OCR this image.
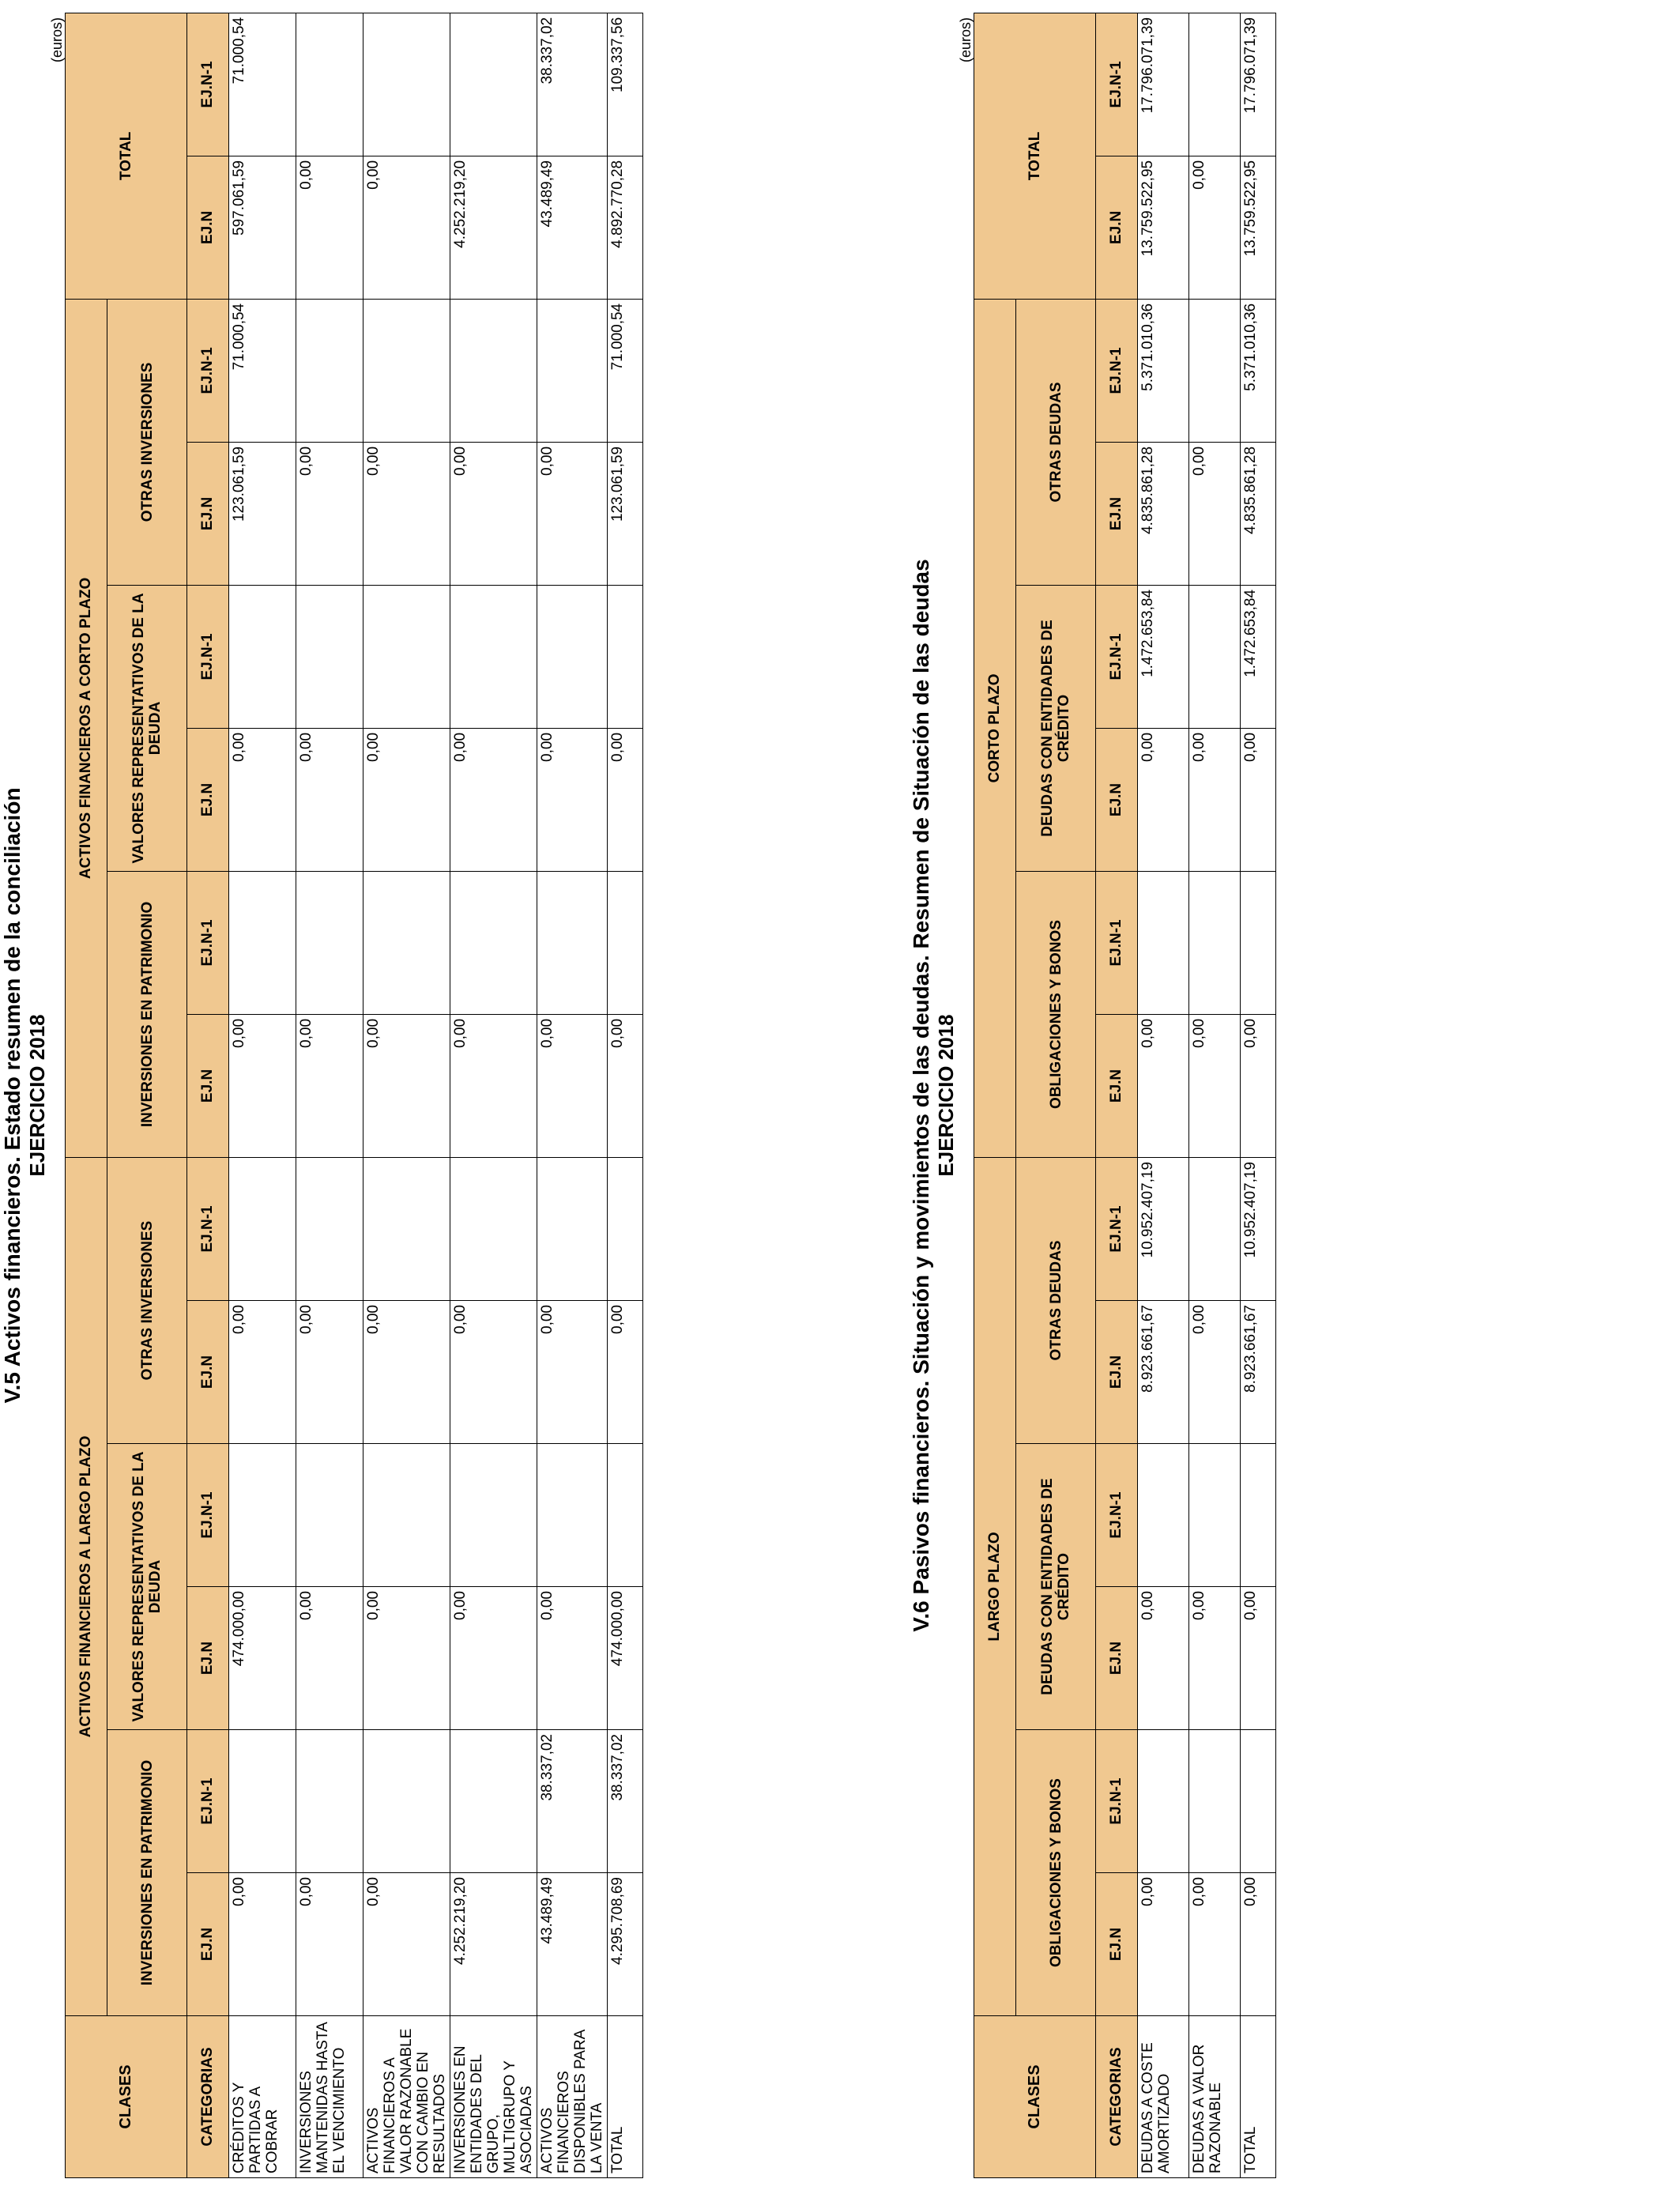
V.5 Activos financieros. Estado resumen de la conciliación EJERCICIO 2018
(euros)
CLASES	ACTIVOS FINANCIEROS A LARGO PLAZO						ACTIVOS FINANCIEROS A CORTO PLAZO						TOTAL	
	INVERSIONES EN PATRIMONIO		VALORES REPRESENTATIVOS DE LA DEUDA		OTRAS INVERSIONES		INVERSIONES EN PATRIMONIO		VALORES REPRESENTATIVOS DE LA DEUDA		OTRAS INVERSIONES			
CATEGORIAS	EJ.N	EJ.N-1	EJ.N	EJ.N-1	EJ.N	EJ.N-1	EJ.N	EJ.N-1	EJ.N	EJ.N-1	EJ.N	EJ.N-1	EJ.N	EJ.N-1
CRÉDITOS Y PARTIDAS A COBRAR	0,00		474.000,00		0,00		0,00		0,00		123.061,59	71.000,54	597.061,59	71.000,54
INVERSIONES MANTENIDAS HASTA EL VENCIMIENTO	0,00		0,00		0,00		0,00		0,00		0,00		0,00	
ACTIVOS FINANCIEROS A VALOR RAZONABLE CON CAMBIO EN RESULTADOS	0,00		0,00		0,00		0,00		0,00		0,00		0,00	
INVERSIONES EN ENTIDADES DEL GRUPO, MULTIGRUPO Y ASOCIADAS	4.252.219,20		0,00		0,00		0,00		0,00		0,00		4.252.219,20	
ACTIVOS FINANCIEROS DISPONIBLES PARA LA VENTA	43.489,49	38.337,02	0,00		0,00		0,00		0,00		0,00		43.489,49	38.337,02
TOTAL	4.295.708,69	38.337,02	474.000,00		0,00		0,00		0,00		123.061,59	71.000,54	4.892.770,28	109.337,56
V.6 Pasivos financieros. Situación y movimientos de las deudas. Resumen de Situación de las deudas EJERCICIO 2018
(euros)
CLASES	LARGO PLAZO						CORTO PLAZO						TOTAL	
	OBLIGACIONES Y BONOS		DEUDAS CON ENTIDADES DE CRÉDITO		OTRAS DEUDAS		OBLIGACIONES Y BONOS		DEUDAS CON ENTIDADES DE CRÉDITO		OTRAS DEUDAS			
CATEGORIAS	EJ.N	EJ.N-1	EJ.N	EJ.N-1	EJ.N	EJ.N-1	EJ.N	EJ.N-1	EJ.N	EJ.N-1	EJ.N	EJ.N-1	EJ.N	EJ.N-1
DEUDAS A COSTE AMORTIZADO	0,00		0,00		8.923.661,67	10.952.407,19	0,00		0,00	1.472.653,84	4.835.861,28	5.371.010,36	13.759.522,95	17.796.071,39
DEUDAS A VALOR RAZONABLE	0,00		0,00		0,00		0,00		0,00		0,00		0,00	
TOTAL	0,00		0,00		8.923.661,67	10.952.407,19	0,00		0,00	1.472.653,84	4.835.861,28	5.371.010,36	13.759.522,95	17.796.071,39
